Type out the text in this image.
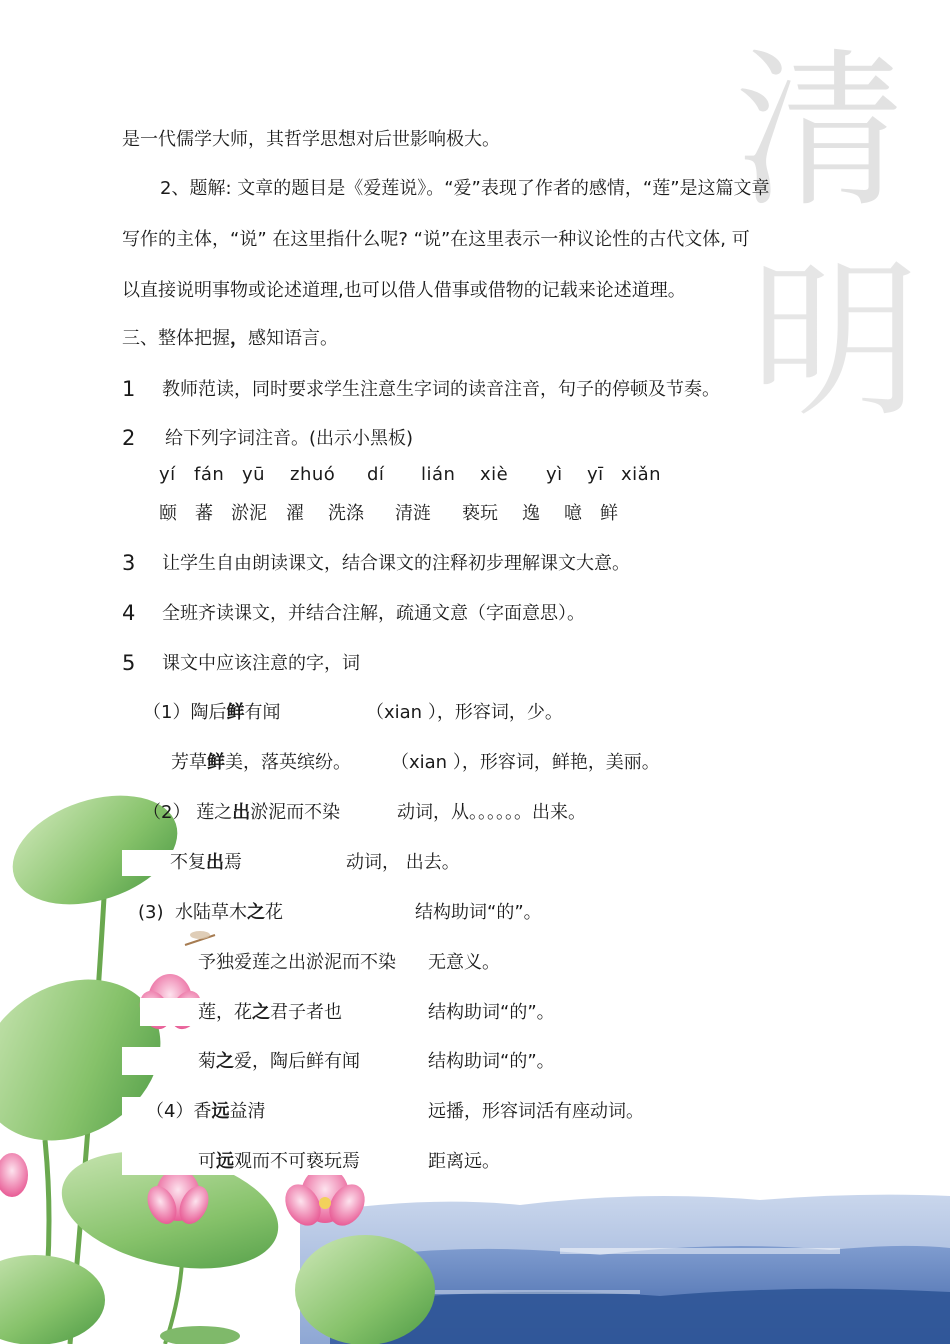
清
明
是一代儒学大师，其哲学思想对后世影响极大。
2、题解: 文章的题目是《爱莲说》。“爱”表现了作者的感情，“莲”是这篇文章
写作的主体，“说” 在这里指什么呢? “说”在这里表示一种议论性的古代文体, 可
以直接说明事物或论述道理,也可以借人借事或借物的记载来论述道理。
三、整体把握，感知语言。
1 教师范读，同时要求学生注意生字词的读音注音，句子的停顿及节奏。
2 给下列字词注音。(出示小黑板)
yí fán yū zhuó dí lián xiè yì yī xiǎn
颐 蕃 淤泥 濯 洗涤 清涟 亵玩 逸 噫 鲜
3 让学生自由朗读课文，结合课文的注释初步理解课文大意。
4 全班齐读课文，并结合注解，疏通文意（字面意思）。
5 课文中应该注意的字，词
（1）陶后鲜有闻	（xian ），形容词，少。
芳草鲜美，落英缤纷。 （xian ），形容词，鲜艳，美丽。
（2） 莲之出淤泥而不染	动词，从。。。。。。出来。
不复出焉	动词， 出去。
(3) 水陆草木之花	结构助词“的”。
予独爱莲之出淤泥而不染 无意义。
莲，花之君子者也	结构助词“的”。
菊之爱，陶后鲜有闻	结构助词“的”。
（4）香远益清	远播，形容词活有座动词。
可远观而不可亵玩焉	距离远。
